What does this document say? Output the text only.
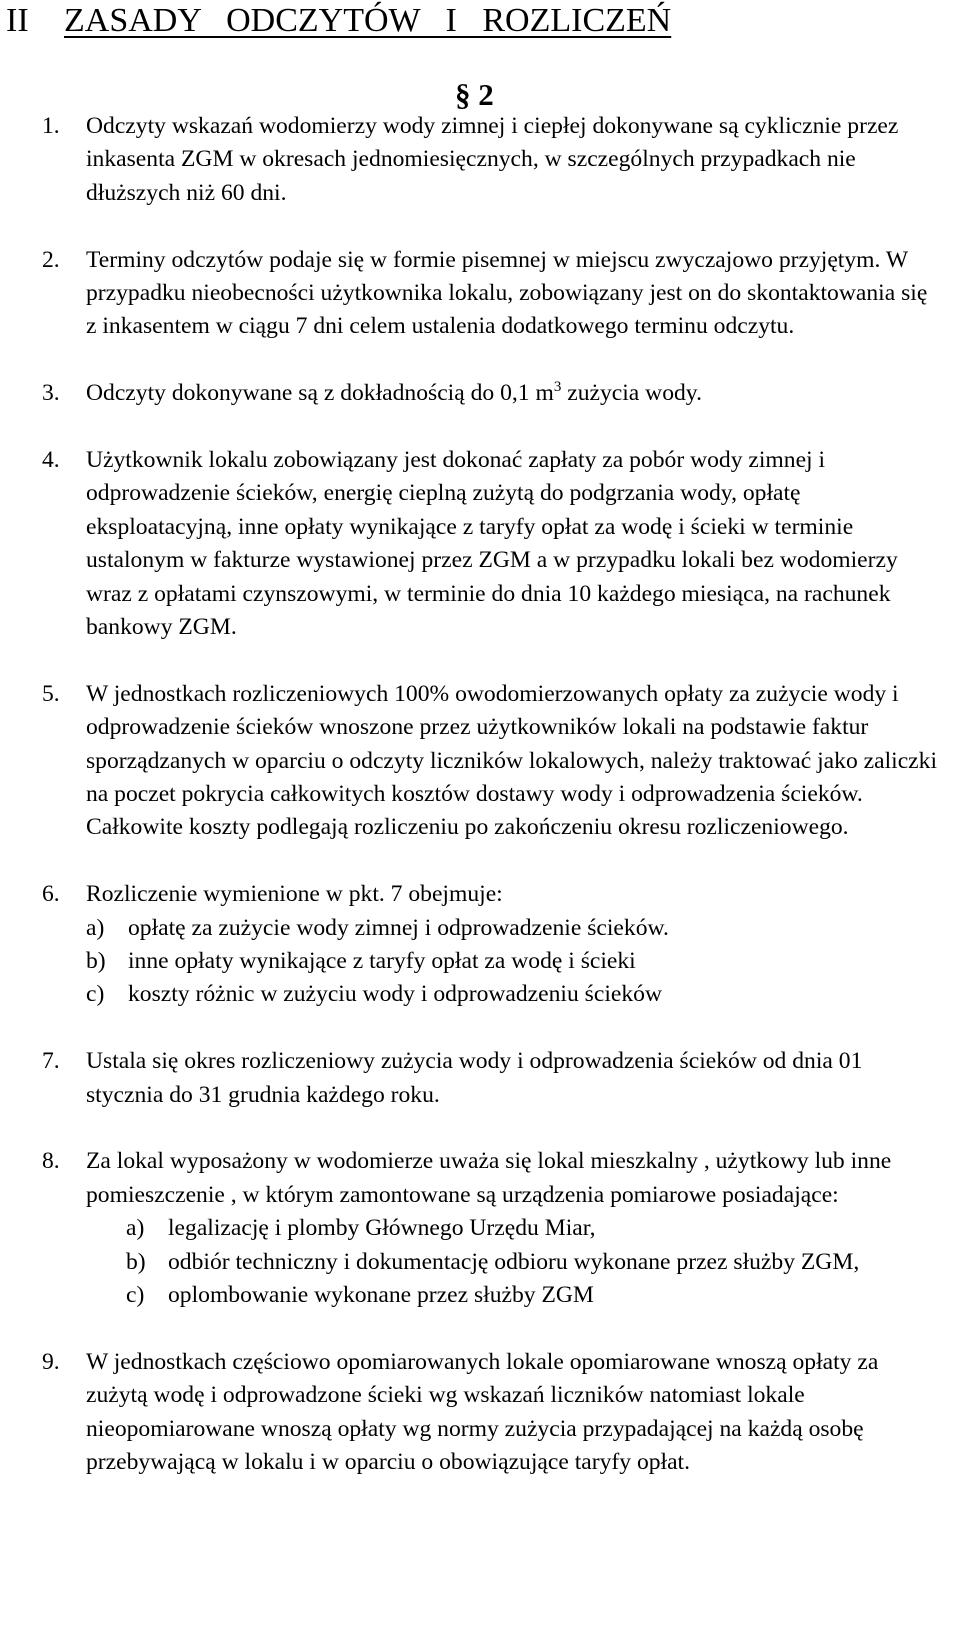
II ZASADY   ODCZYTÓW   I   ROZLICZEŃ
§ 2
1.	Odczyty wskazań wodomierzy wody zimnej i ciepłej dokonywane są cyklicznie przez inkasenta ZGM w okresach jednomiesięcznych, w szczególnych przypadkach nie dłuższych niż 60 dni.
2.	Terminy odczytów podaje się w formie pisemnej w miejscu zwyczajowo przyjętym. W przypadku nieobecności użytkownika lokalu, zobowiązany jest on do skontaktowania się z inkasentem w ciągu 7 dni celem ustalenia dodatkowego terminu odczytu.
3.	Odczyty dokonywane są z dokładnością do 0,1 $m^3$ zużycia wody.
4.	Użytkownik lokalu zobowiązany jest dokonać zapłaty za pobór wody zimnej i odprowadzenie ścieków, energię cieplną zużytą do podgrzania wody, opłatę eksploatacyjną, inne opłaty wynikające z taryfy opłat za wodę i ścieki w terminie ustalonym w fakturze wystawionej przez ZGM a w przypadku lokali bez wodomierzy wraz z opłatami czynszowymi, w terminie do dnia 10 każdego miesiąca, na rachunek bankowy ZGM.
5.	W jednostkach rozliczeniowych 100% owodomierzowanych opłaty za zużycie wody i odprowadzenie ścieków wnoszone przez użytkowników lokali na podstawie faktur sporządzanych w oparciu o odczyty liczników lokalowych, należy traktować jako zaliczki na poczet pokrycia całkowitych kosztów dostawy wody i odprowadzenia ścieków. Całkowite koszty podlegają rozliczeniu po zakończeniu okresu rozliczeniowego.
6.	Rozliczenie wymienione w pkt. 7 obejmuje:
a)	opłatę za zużycie wody zimnej i odprowadzenie ścieków.
b) inne opłaty wynikające z taryfy opłat za wodę i ścieki
c)	koszty różnic w zużyciu wody i odprowadzeniu ścieków
7.	Ustala się okres rozliczeniowy zużycia wody i odprowadzenia ścieków od dnia 01 stycznia do 31 grudnia każdego roku.
8.	Za lokal wyposażony w wodomierze uważa się lokal mieszkalny , użytkowy lub inne pomieszczenie , w którym zamontowane są urządzenia pomiarowe posiadające:
a)	legalizację i plomby Głównego Urzędu Miar,
b) odbiór techniczny i dokumentację odbioru wykonane przez służby ZGM,
c)	oplombowanie wykonane przez służby ZGM
9.	W jednostkach częściowo opomiarowanych lokale opomiarowane wnoszą opłaty za zużytą wodę i odprowadzone ścieki wg wskazań liczników natomiast lokale nieopomiarowane wnoszą opłaty wg normy zużycia przypadającej na każdą osobę przebywającą w lokalu i w oparciu o obowiązujące taryfy opłat.
